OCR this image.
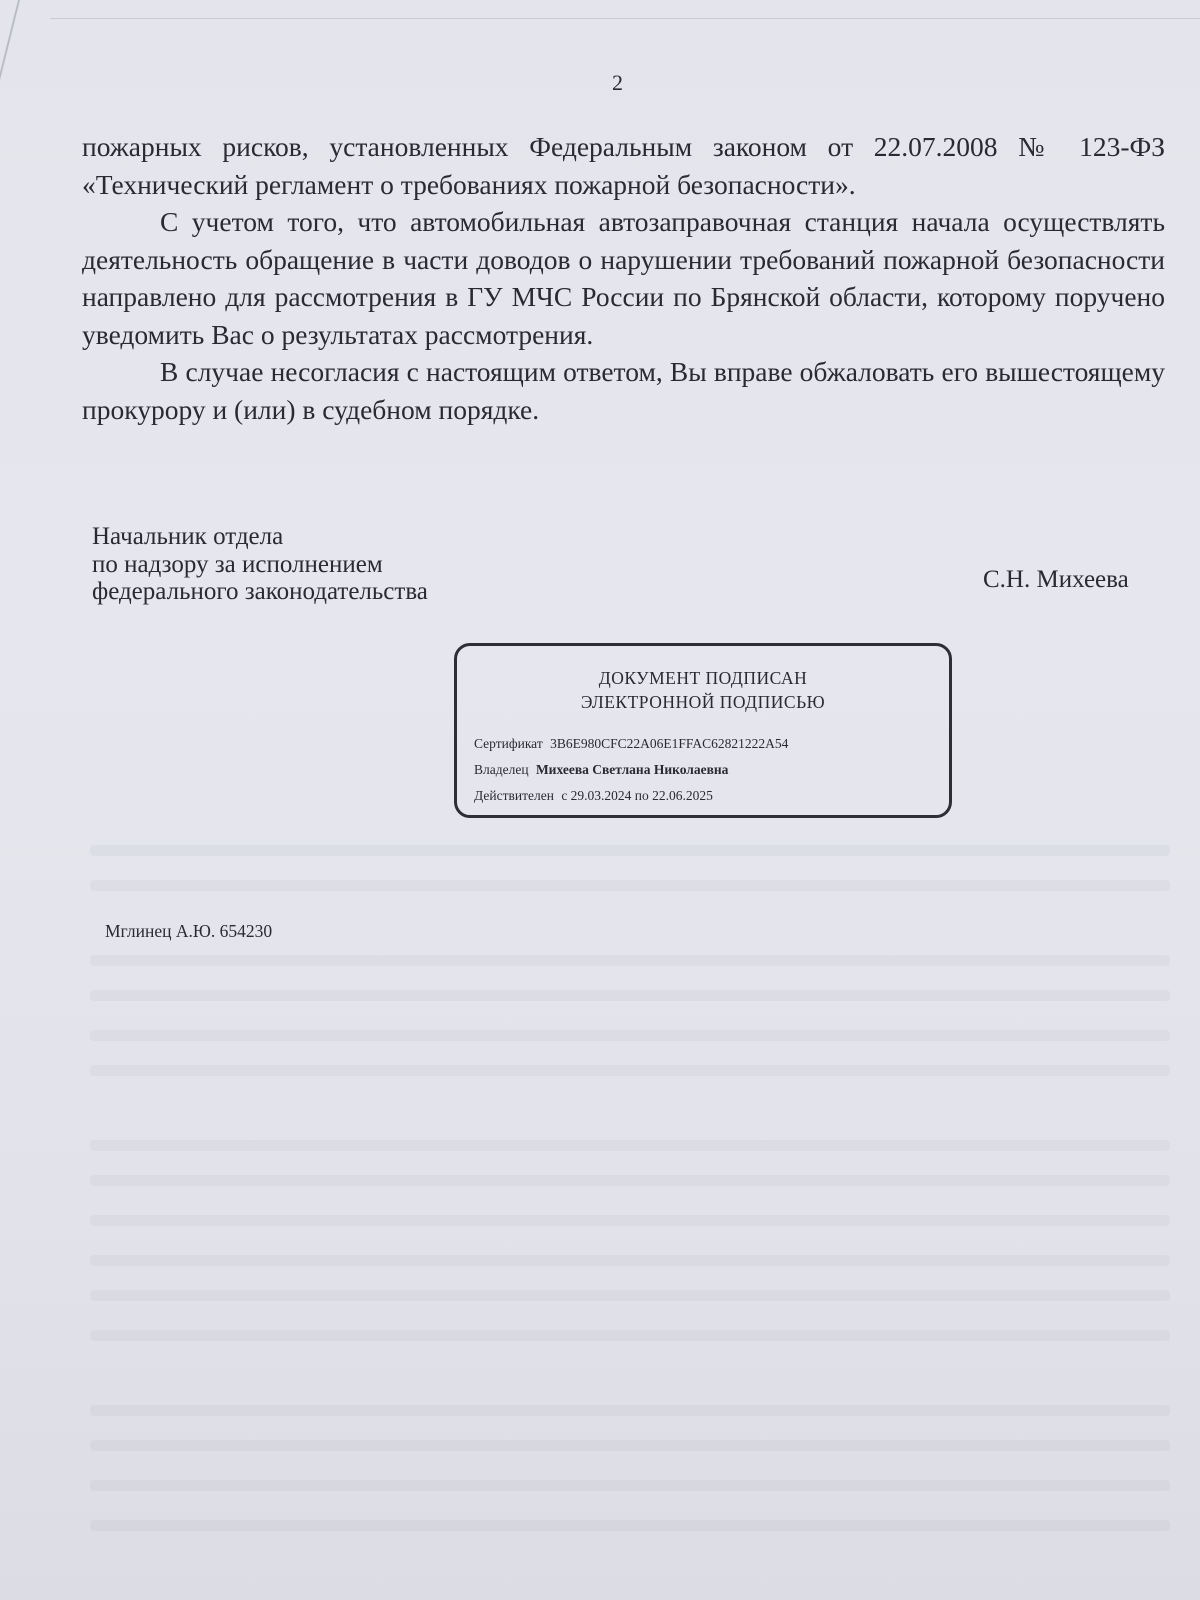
2

пожарных рисков, установленных Федеральным законом от 22.07.2008 № 123-ФЗ «Технический регламент о требованиях пожарной безопасности».

С учетом того, что автомобильная автозаправочная станция начала осуществлять деятельность обращение в части доводов о нарушении требований пожарной безопасности направлено для рассмотрения в ГУ МЧС России по Брянской области, которому поручено уведомить Вас о результатах рассмотрения.

В случае несогласия с настоящим ответом, Вы вправе обжаловать его вышестоящему прокурору и (или) в судебном порядке.

Начальник отдела
по надзору за исполнением
федерального законодательства	С.Н. Михеева
ДОКУМЕНТ ПОДПИСАН
ЭЛЕКТРОННОЙ ПОДПИСЬЮ
Сертификат 3B6E980CFC22A06E1FFAC62821222A54
Владелец Михеева Светлана Николаевна
Действителен с 29.03.2024 по 22.06.2025
Мглинец А.Ю. 654230
